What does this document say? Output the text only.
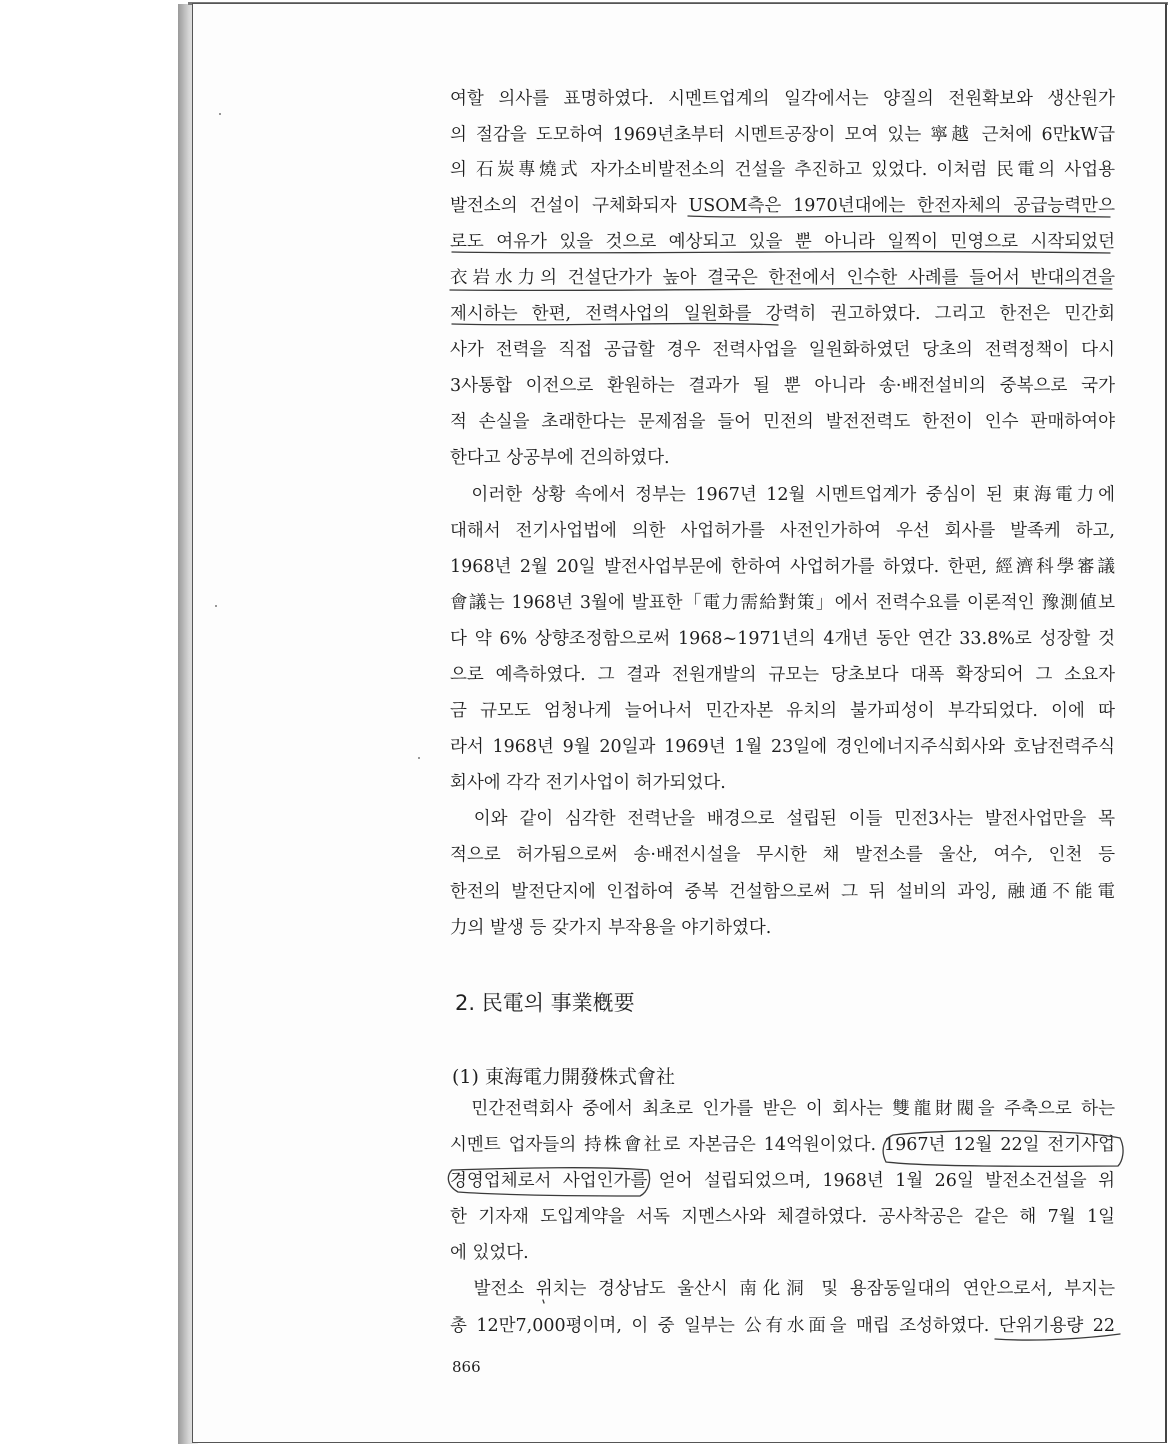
여할 의사를 표명하였다. 시멘트업계의 일각에서는 양질의 전원확보와 생산원가
의 절감을 도모하여 1969년초부터 시멘트공장이 모여 있는 寧越 근처에 6만kW급
의 石炭專燒式 자가소비발전소의 건설을 추진하고 있었다. 이처럼 民電의 사업용
발전소의 건설이 구체화되자 USOM측은 1970년대에는 한전자체의 공급능력만으
로도 여유가 있을 것으로 예상되고 있을 뿐 아니라 일찍이 민영으로 시작되었던
衣岩水力의 건설단가가 높아 결국은 한전에서 인수한 사례를 들어서 반대의견을
제시하는 한편, 전력사업의 일원화를 강력히 권고하였다. 그리고 한전은 민간회
사가 전력을 직접 공급할 경우 전력사업을 일원화하였던 당초의 전력정책이 다시
3사통합 이전으로 환원하는 결과가 될 뿐 아니라 송·배전설비의 중복으로 국가
적 손실을 초래한다는 문제점을 들어 민전의 발전전력도 한전이 인수 판매하여야
한다고 상공부에 건의하였다.
　이러한 상황 속에서 정부는 1967년 12월 시멘트업계가 중심이 된 東海電力에
대해서 전기사업법에 의한 사업허가를 사전인가하여 우선 회사를 발족케 하고,
1968년 2월 20일 발전사업부문에 한하여 사업허가를 하였다. 한편, 經濟科學審議
會議는 1968년 3월에 발표한「電力需給對策」에서 전력수요를 이론적인 豫測値보
다 약 6% 상향조정함으로써 1968~1971년의 4개년 동안 연간 33.8%로 성장할 것
으로 예측하였다. 그 결과 전원개발의 규모는 당초보다 대폭 확장되어 그 소요자
금 규모도 엄청나게 늘어나서 민간자본 유치의 불가피성이 부각되었다. 이에 따
라서 1968년 9월 20일과 1969년 1월 23일에 경인에너지주식회사와 호남전력주식
회사에 각각 전기사업이 허가되었다.
　이와 같이 심각한 전력난을 배경으로 설립된 이들 민전3사는 발전사업만을 목
적으로 허가됨으로써 송·배전시설을 무시한 채 발전소를 울산, 여수, 인천 등
한전의 발전단지에 인접하여 중복 건설함으로써 그 뒤 설비의 과잉, 融通不能電
力의 발생 등 갖가지 부작용을 야기하였다.
2. 民電의 事業槪要
(1) 東海電力開發株式會社
　민간전력회사 중에서 최초로 인가를 받은 이 회사는 雙龍財閥을 주축으로 하는
시멘트 업자들의 持株會社로 자본금은 14억원이었다. 1967년 12월 22일 전기사업
경영업체로서 사업인가를 얻어 설립되었으며, 1968년 1월 26일 발전소건설을 위
한 기자재 도입계약을 서독 지멘스사와 체결하였다. 공사착공은 같은 해 7월 1일
에 있었다.
　발전소 위치는 경상남도 울산시 南化洞 및 용잠동일대의 연안으로서, 부지는
총 12만7,000평이며, 이 중 일부는 公有水面을 매립 조성하였다. 단위기용량 22
866
